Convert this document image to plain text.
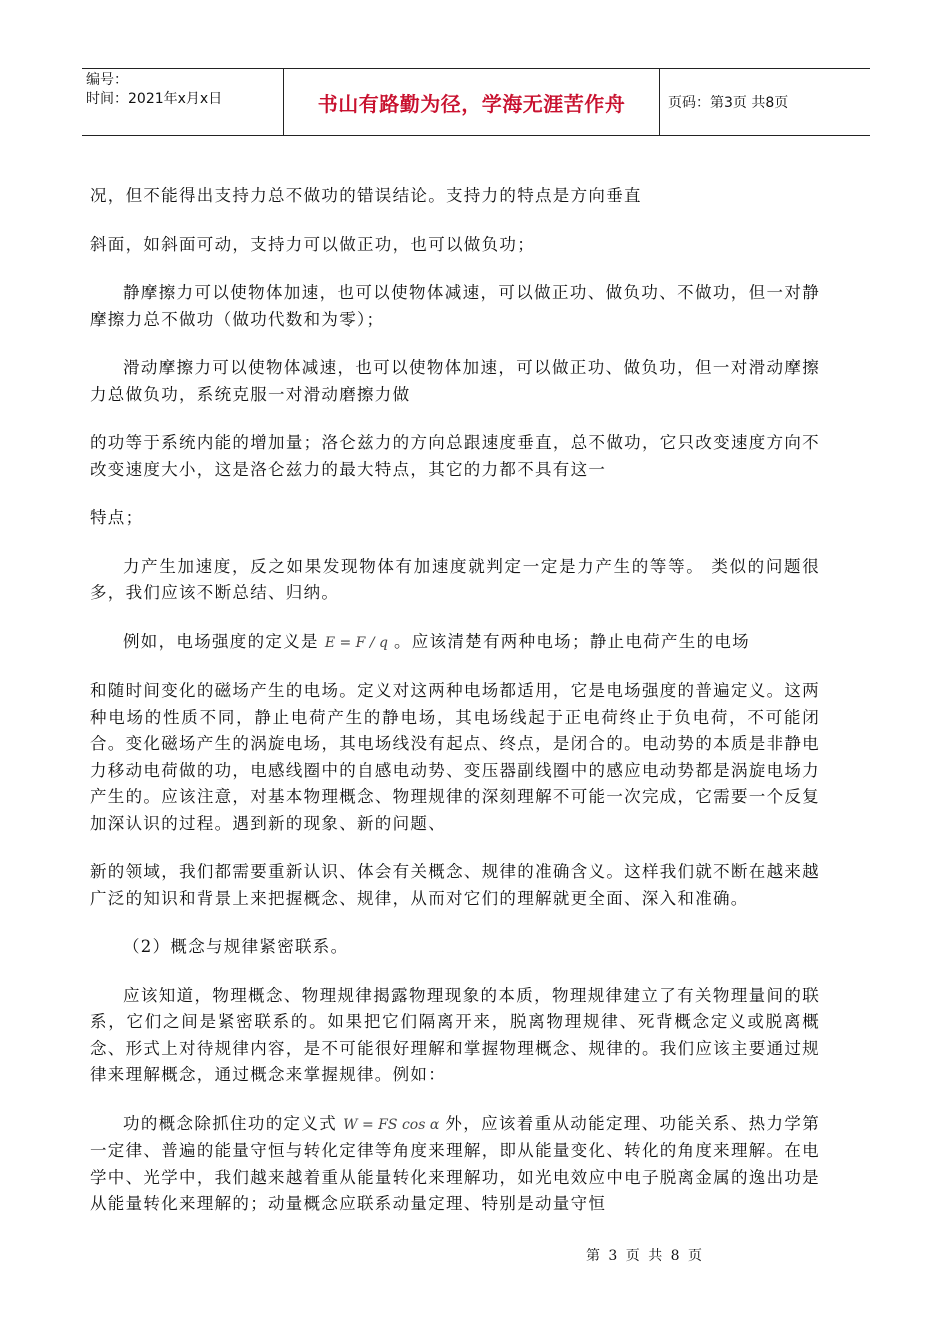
编号：
时间：2021年x月x日	书山有路勤为径，学海无涯苦作舟	页码：第3页 共8页

况，但不能得出支持力总不做功的错误结论。支持力的特点是方向垂直

斜面，如斜面可动，支持力可以做正功，也可以做负功；

静摩擦力可以使物体加速，也可以使物体减速，可以做正功、做负功、不做功，但一对静摩擦力总不做功（做功代数和为零）；

滑动摩擦力可以使物体减速，也可以使物体加速，可以做正功、做负功，但一对滑动摩擦力总做负功，系统克服一对滑动磨擦力做

的功等于系统内能的增加量；洛仑兹力的方向总跟速度垂直，总不做功，它只改变速度方向不改变速度大小，这是洛仑兹力的最大特点，其它的力都不具有这一

特点；

力产生加速度，反之如果发现物体有加速度就判定一定是力产生的等等。 类似的问题很多，我们应该不断总结、归纳。

例如，电场强度的定义是 E = F / q 。应该清楚有两种电场；静止电荷产生的电场

和随时间变化的磁场产生的电场。定义对这两种电场都适用，它是电场强度的普遍定义。这两种电场的性质不同，静止电荷产生的静电场，其电场线起于正电荷终止于负电荷，不可能闭合。变化磁场产生的涡旋电场，其电场线没有起点、终点，是闭合的。电动势的本质是非静电力移动电荷做的功，电感线圈中的自感电动势、变压器副线圈中的感应电动势都是涡旋电场力产生的。应该注意，对基本物理概念、物理规律的深刻理解不可能一次完成，它需要一个反复加深认识的过程。遇到新的现象、新的问题、

新的领域，我们都需要重新认识、体会有关概念、规律的准确含义。这样我们就不断在越来越广泛的知识和背景上来把握概念、规律，从而对它们的理解就更全面、深入和准确。

（2）概念与规律紧密联系。

应该知道，物理概念、物理规律揭露物理现象的本质，物理规律建立了有关物理量间的联系，它们之间是紧密联系的。如果把它们隔离开来，脱离物理规律、死背概念定义或脱离概念、形式上对待规律内容，是不可能很好理解和掌握物理概念、规律的。我们应该主要通过规律来理解概念，通过概念来掌握规律。例如：

功的概念除抓住功的定义式 W = FS cos α 外，应该着重从动能定理、功能关系、热力学第一定律、普遍的能量守恒与转化定律等角度来理解，即从能量变化、转化的角度来理解。在电学中、光学中，我们越来越着重从能量转化来理解功，如光电效应中电子脱离金属的逸出功是从能量转化来理解的；动量概念应联系动量定理、特别是动量守恒

第 3 页 共 8 页
